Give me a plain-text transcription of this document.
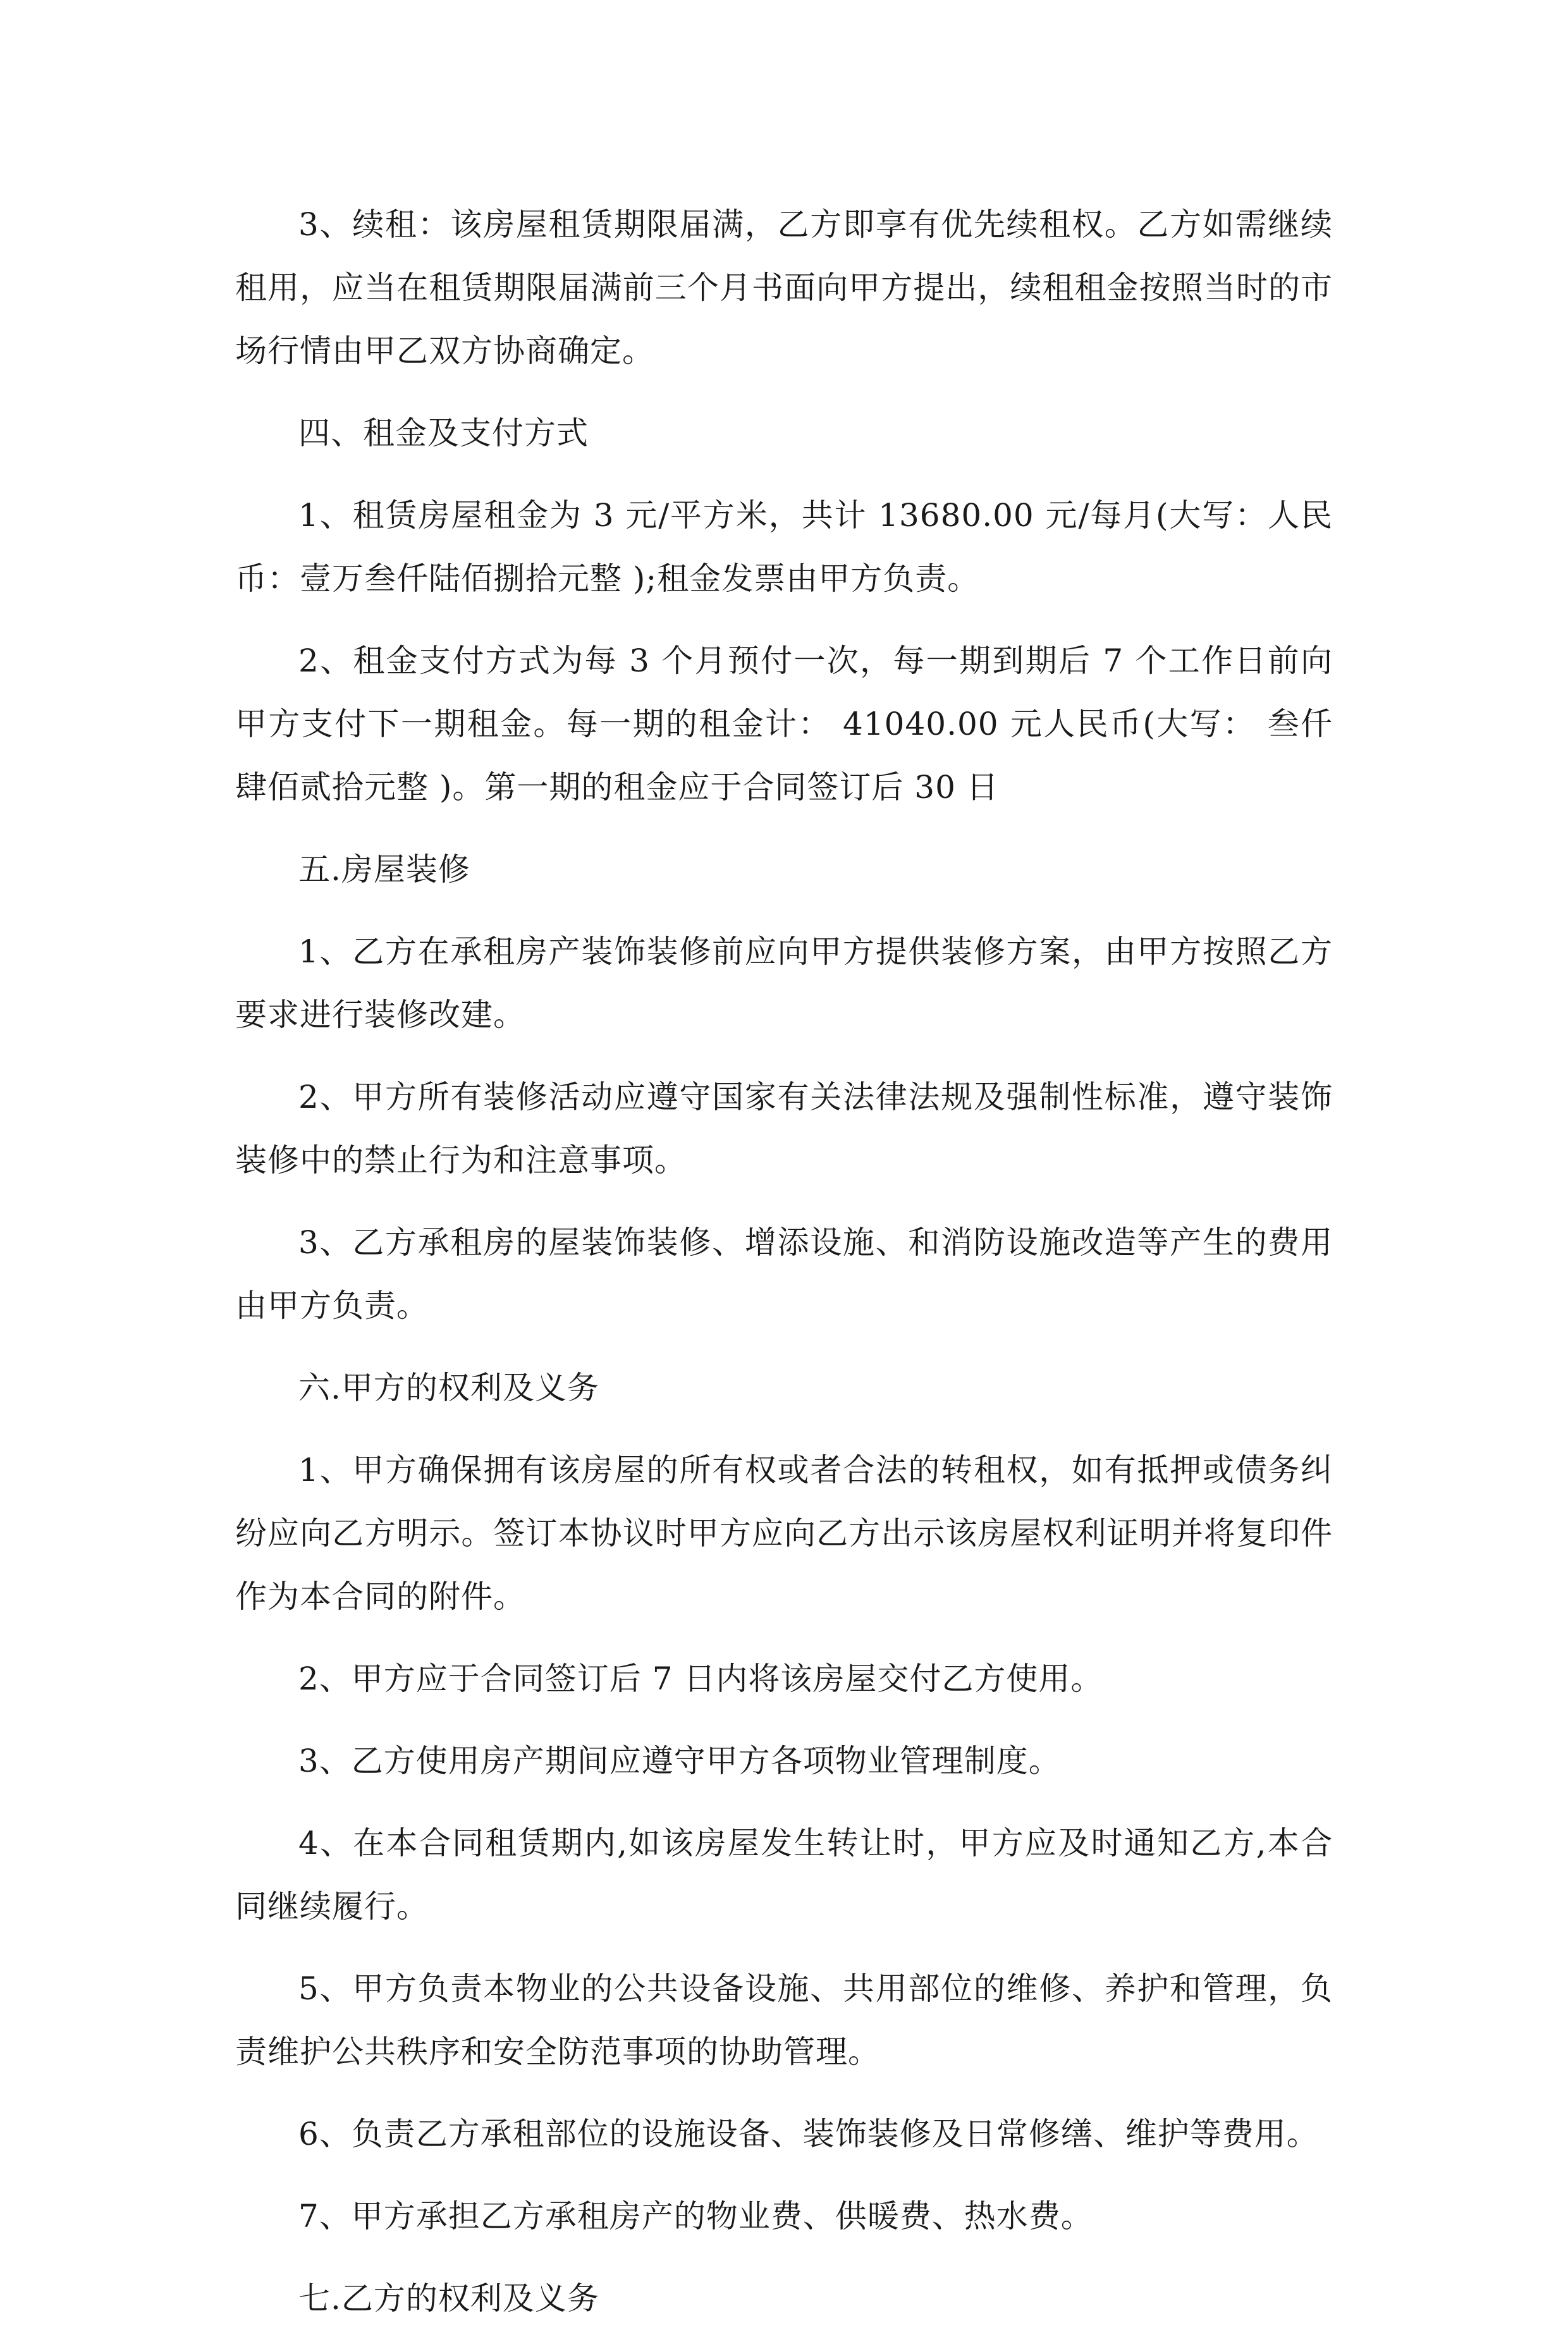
3、续租：该房屋租赁期限届满，乙方即享有优先续租权。乙方如需继续租用，应当在租赁期限届满前三个月书面向甲方提出，续租租金按照当时的市场行情由甲乙双方协商确定。

四、租金及支付方式

1、租赁房屋租金为 3 元/平方米，共计 13680.00 元/每月(大写：人民币：壹万叁仟陆佰捌拾元整 );租金发票由甲方负责。

2、租金支付方式为每 3 个月预付一次，每一期到期后 7 个工作日前向甲方支付下一期租金。每一期的租金计： 41040.00 元人民币(大写： 叁仟肆佰贰拾元整 )。第一期的租金应于合同签订后 30 日

五.房屋装修

1、乙方在承租房产装饰装修前应向甲方提供装修方案，由甲方按照乙方要求进行装修改建。

2、甲方所有装修活动应遵守国家有关法律法规及强制性标准，遵守装饰装修中的禁止行为和注意事项。

3、乙方承租房的屋装饰装修、增添设施、和消防设施改造等产生的费用由甲方负责。

六.甲方的权利及义务

1、甲方确保拥有该房屋的所有权或者合法的转租权，如有抵押或债务纠纷应向乙方明示。签订本协议时甲方应向乙方出示该房屋权利证明并将复印件作为本合同的附件。

2、甲方应于合同签订后 7 日内将该房屋交付乙方使用。

3、乙方使用房产期间应遵守甲方各项物业管理制度。

4、在本合同租赁期内,如该房屋发生转让时，甲方应及时通知乙方,本合同继续履行。

5、甲方负责本物业的公共设备设施、共用部位的维修、养护和管理，负责维护公共秩序和安全防范事项的协助管理。

6、负责乙方承租部位的设施设备、装饰装修及日常修缮、维护等费用。

7、甲方承担乙方承租房产的物业费、供暖费、热水费。

七.乙方的权利及义务
